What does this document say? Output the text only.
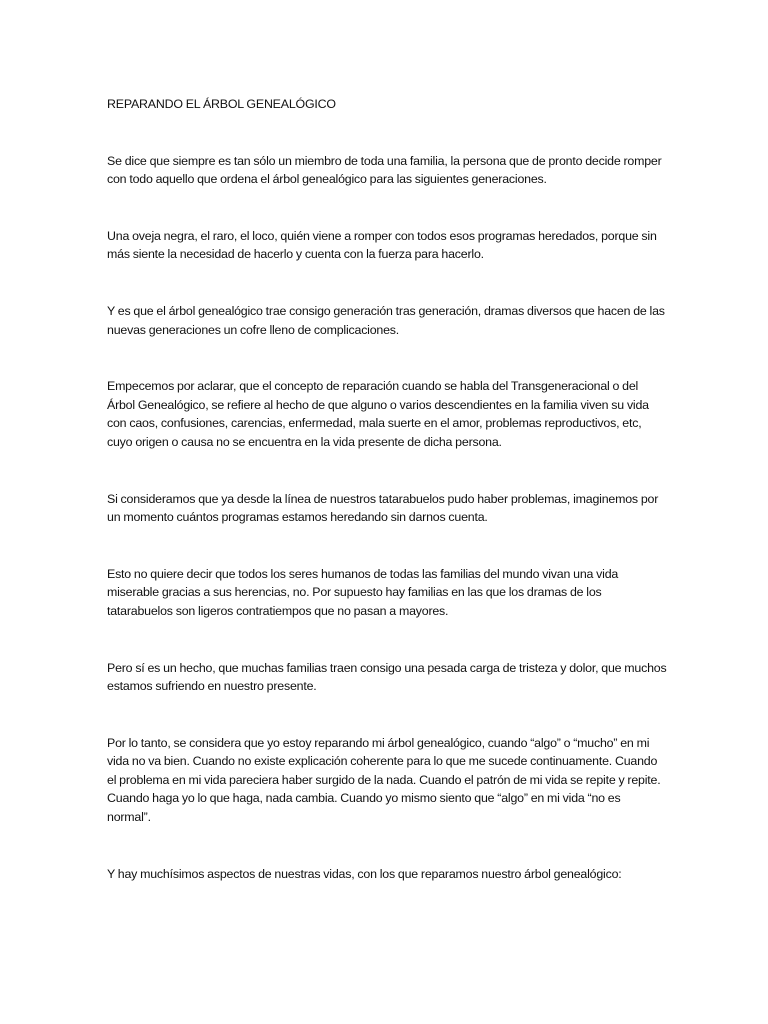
REPARANDO EL ÁRBOL GENEALÓGICO

Se dice que siempre es tan sólo un miembro de toda una familia, la persona que de pronto decide romper con todo aquello que ordena el árbol genealógico para las siguientes generaciones.

Una oveja negra, el raro, el loco, quién viene a romper con todos esos programas heredados, porque sin más siente la necesidad de hacerlo y cuenta con la fuerza para hacerlo.

Y es que el árbol genealógico trae consigo generación tras generación, dramas diversos que hacen de las nuevas generaciones un cofre lleno de complicaciones.

Empecemos por aclarar, que el concepto de reparación cuando se habla del Transgeneracional o del Árbol Genealógico, se refiere al hecho de que alguno o varios descendientes en la familia viven su vida con caos, confusiones, carencias, enfermedad, mala suerte en el amor, problemas reproductivos, etc, cuyo origen o causa no se encuentra en la vida presente de dicha persona.

Si consideramos que ya desde la línea de nuestros tatarabuelos pudo haber problemas, imaginemos por un momento cuántos programas estamos heredando sin darnos cuenta.

Esto no quiere decir que todos los seres humanos de todas las familias del mundo vivan una vida miserable gracias a sus herencias, no. Por supuesto hay familias en las que los dramas de los tatarabuelos son ligeros contratiempos que no pasan a mayores.

Pero sí es un hecho, que muchas familias traen consigo una pesada carga de tristeza y dolor, que muchos estamos sufriendo en nuestro presente.

Por lo tanto, se considera que yo estoy reparando mi árbol genealógico, cuando “algo” o “mucho” en mi vida no va bien. Cuando no existe explicación coherente para lo que me sucede continuamente. Cuando el problema en mi vida pareciera haber surgido de la nada. Cuando el patrón de mi vida se repite y repite. Cuando haga yo lo que haga, nada cambia. Cuando yo mismo siento que “algo” en mi vida “no es normal”.

Y hay muchísimos aspectos de nuestras vidas, con los que reparamos nuestro árbol genealógico:
